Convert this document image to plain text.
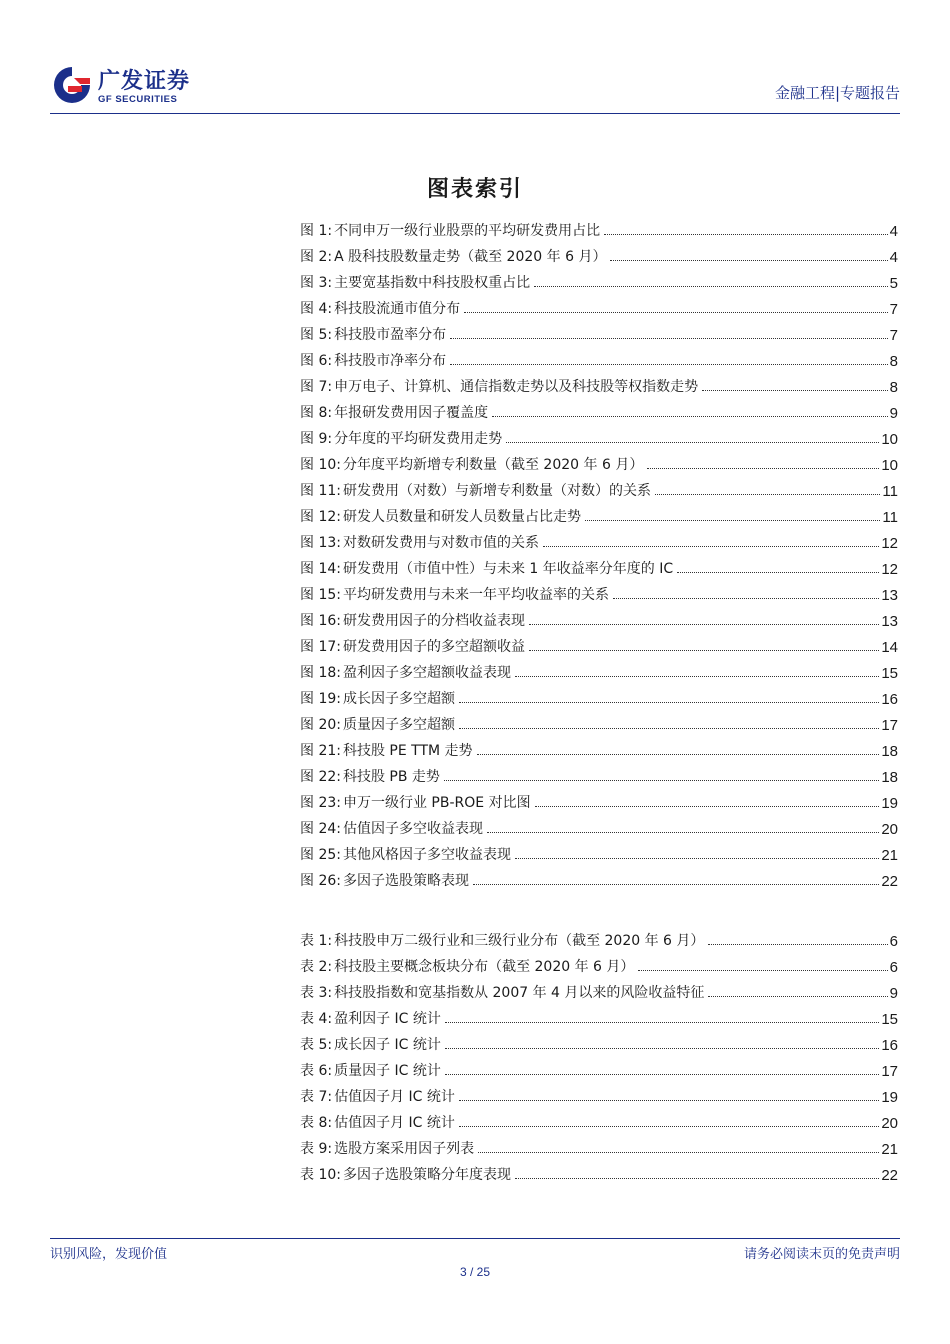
广发证券
GF SECURITIES	金融工程|专题报告
图表索引
图 1: 不同申万一级行业股票的平均研发费用占比	4
图 2: A 股科技股数量走势（截至 2020 年 6 月）	4
图 3: 主要宽基指数中科技股权重占比	5
图 4: 科技股流通市值分布	7
图 5: 科技股市盈率分布	7
图 6: 科技股市净率分布	8
图 7: 申万电子、计算机、通信指数走势以及科技股等权指数走势	8
图 8: 年报研发费用因子覆盖度	9
图 9: 分年度的平均研发费用走势	10
图 10: 分年度平均新增专利数量（截至 2020 年 6 月）	10
图 11: 研发费用（对数）与新增专利数量（对数）的关系	11
图 12: 研发人员数量和研发人员数量占比走势	11
图 13: 对数研发费用与对数市值的关系	12
图 14: 研发费用（市值中性）与未来 1 年收益率分年度的 IC	12
图 15: 平均研发费用与未来一年平均收益率的关系	13
图 16: 研发费用因子的分档收益表现	13
图 17: 研发费用因子的多空超额收益	14
图 18: 盈利因子多空超额收益表现	15
图 19: 成长因子多空超额	16
图 20: 质量因子多空超额	17
图 21: 科技股 PE TTM 走势	18
图 22: 科技股 PB 走势	18
图 23: 申万一级行业 PB-ROE 对比图	19
图 24: 估值因子多空收益表现	20
图 25: 其他风格因子多空收益表现	21
图 26: 多因子选股策略表现	22
表 1: 科技股申万二级行业和三级行业分布（截至 2020 年 6 月）	6
表 2: 科技股主要概念板块分布（截至 2020 年 6 月）	6
表 3: 科技股指数和宽基指数从 2007 年 4 月以来的风险收益特征	9
表 4: 盈利因子 IC 统计	15
表 5: 成长因子 IC 统计	16
表 6: 质量因子 IC 统计	17
表 7: 估值因子月 IC 统计	19
表 8: 估值因子月 IC 统计	20
表 9: 选股方案采用因子列表	21
表 10: 多因子选股策略分年度表现	22
识别风险，发现价值	请务必阅读末页的免责声明
3 / 25
